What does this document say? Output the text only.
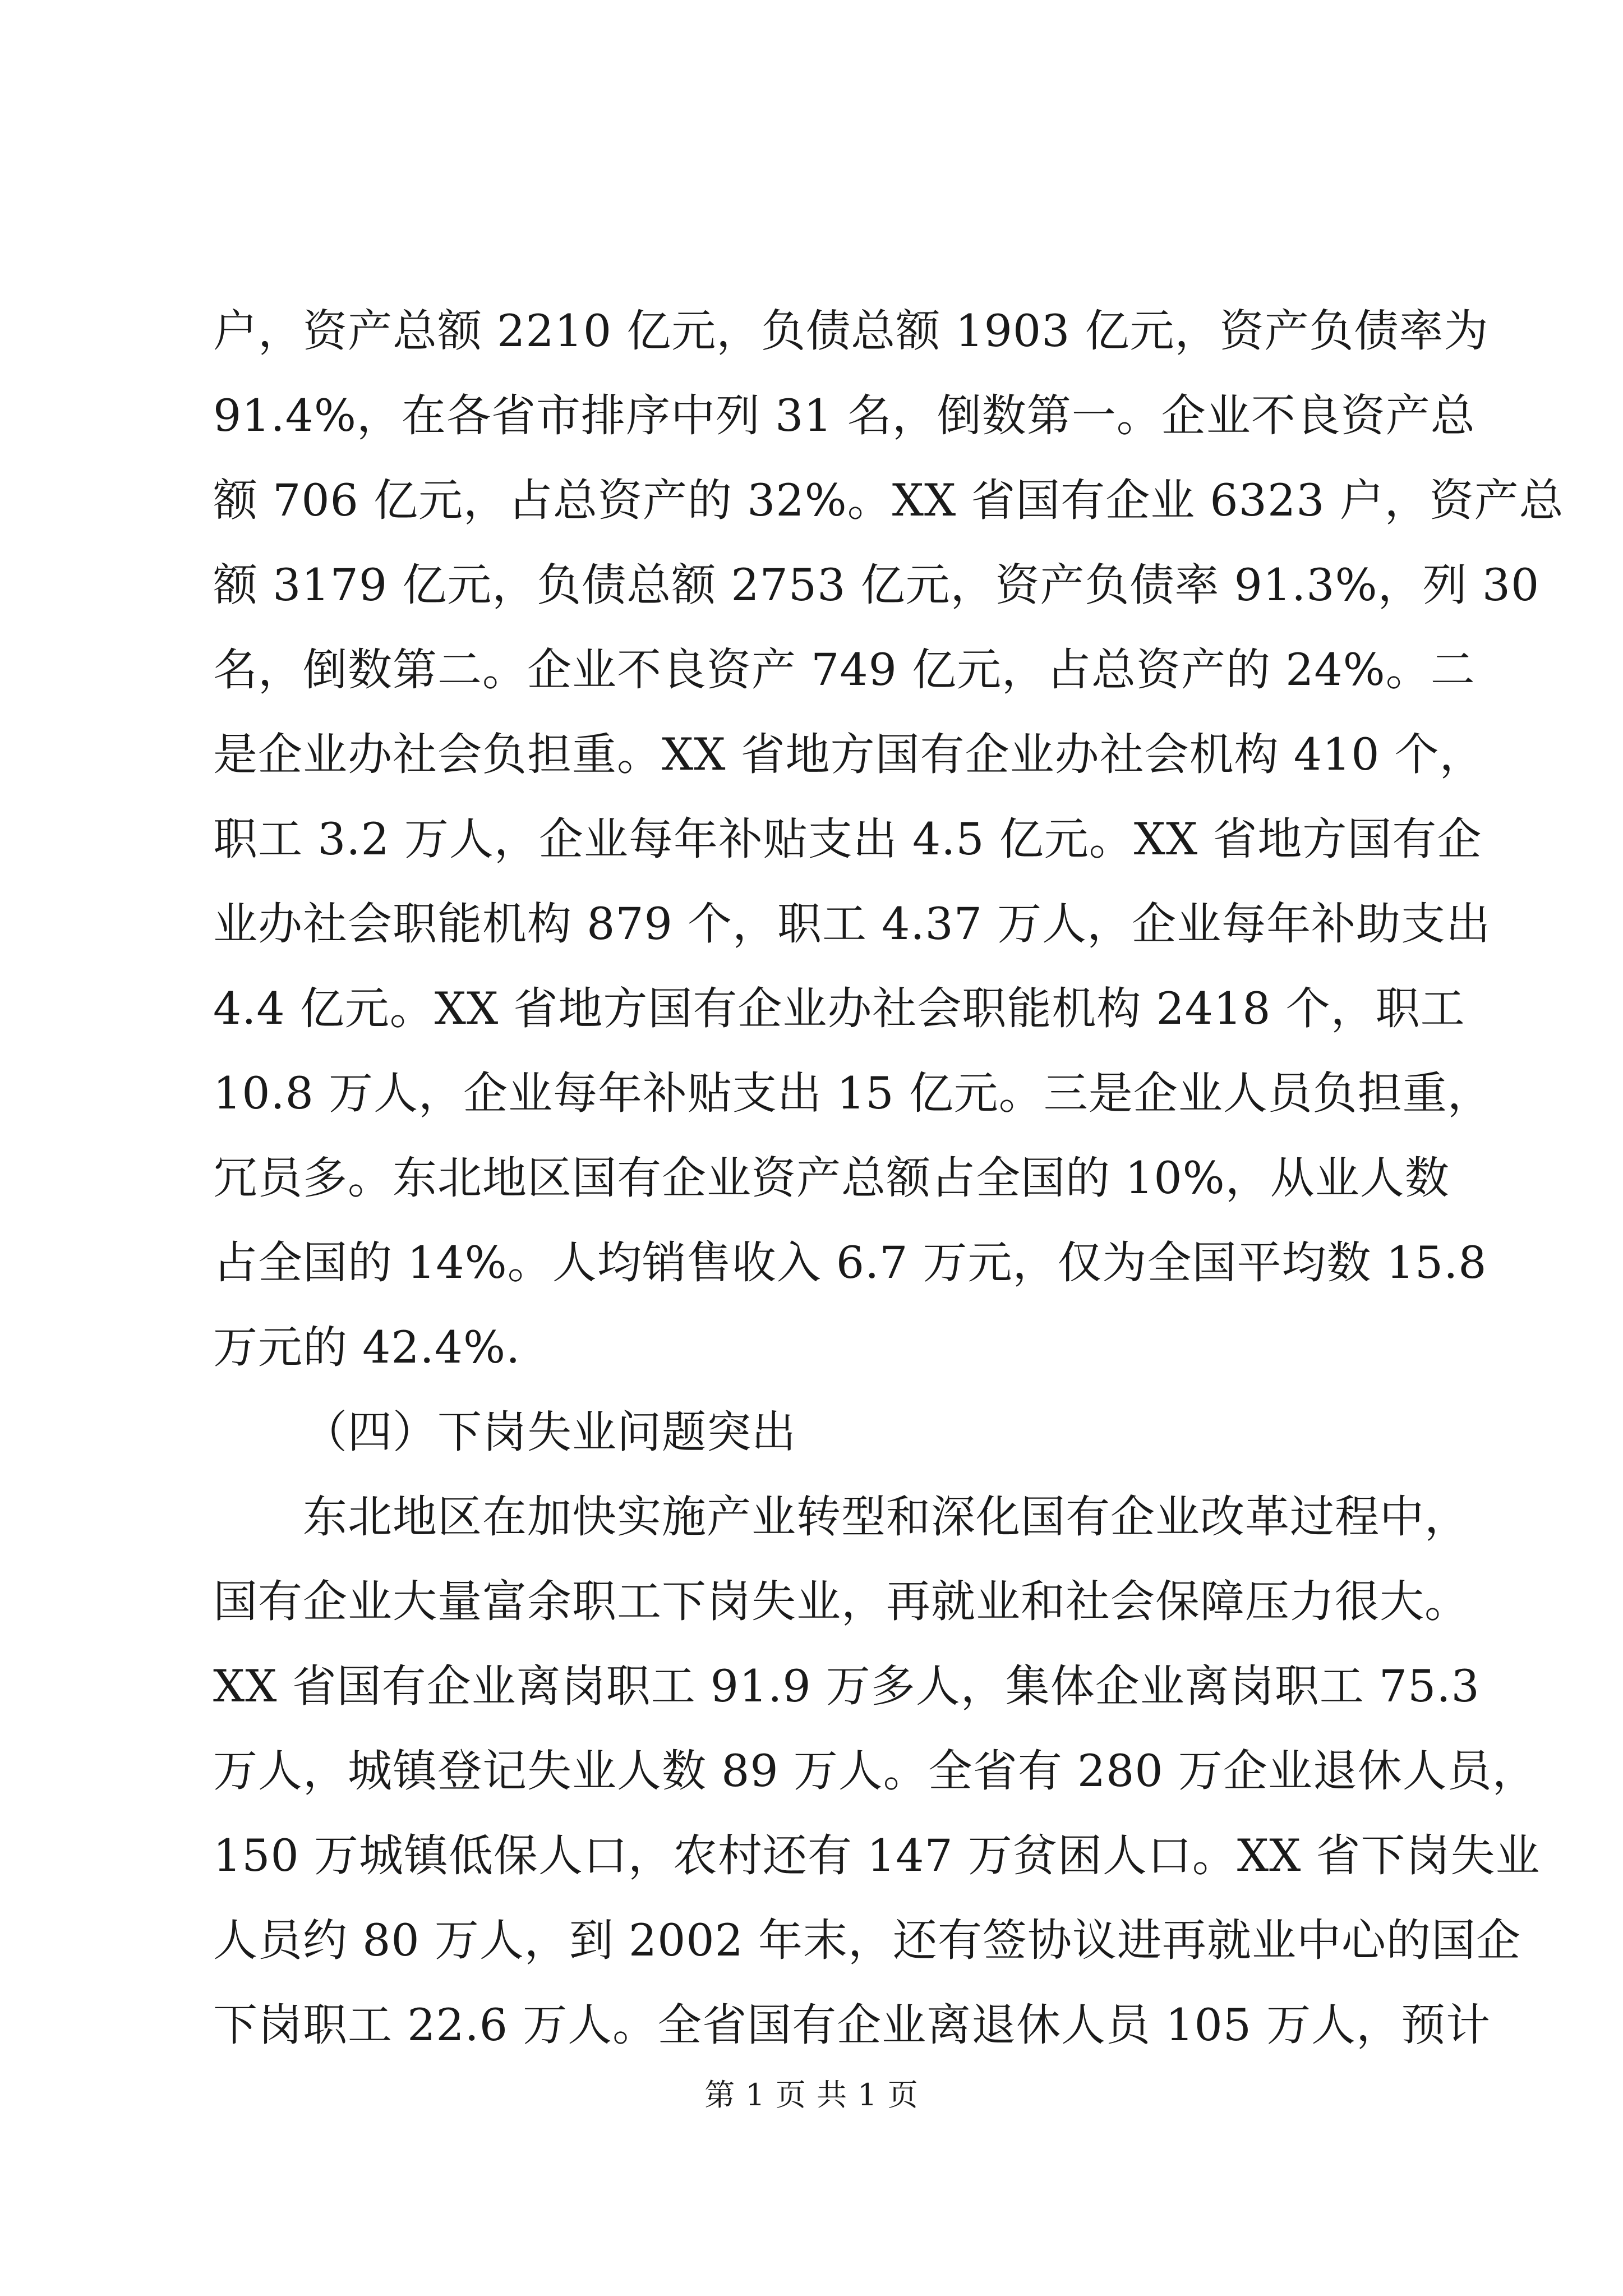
户，资产总额 2210 亿元，负债总额 1903 亿元，资产负债率为
91.4%，在各省市排序中列 31 名，倒数第一。企业不良资产总
额 706 亿元，占总资产的 32%。XX 省国有企业 6323 户，资产总
额 3179 亿元，负债总额 2753 亿元，资产负债率 91.3%，列 30
名，倒数第二。企业不良资产 749 亿元，占总资产的 24%。二
是企业办社会负担重。XX 省地方国有企业办社会机构 410 个，
职工 3.2 万人，企业每年补贴支出 4.5 亿元。XX 省地方国有企
业办社会职能机构 879 个，职工 4.37 万人，企业每年补助支出
4.4 亿元。XX 省地方国有企业办社会职能机构 2418 个，职工
10.8 万人，企业每年补贴支出 15 亿元。三是企业人员负担重，
冗员多。东北地区国有企业资产总额占全国的 10%，从业人数
占全国的 14%。人均销售收入 6.7 万元，仅为全国平均数 15.8
万元的 42.4%.
（四）下岗失业问题突出
东北地区在加快实施产业转型和深化国有企业改革过程中，
国有企业大量富余职工下岗失业，再就业和社会保障压力很大。
XX 省国有企业离岗职工 91.9 万多人，集体企业离岗职工 75.3
万人，城镇登记失业人数 89 万人。全省有 280 万企业退休人员，
150 万城镇低保人口，农村还有 147 万贫困人口。XX 省下岗失业
人员约 80 万人，到 2002 年末，还有签协议进再就业中心的国企
下岗职工 22.6 万人。全省国有企业离退休人员 105 万人，预计
第 1 页 共 1 页
